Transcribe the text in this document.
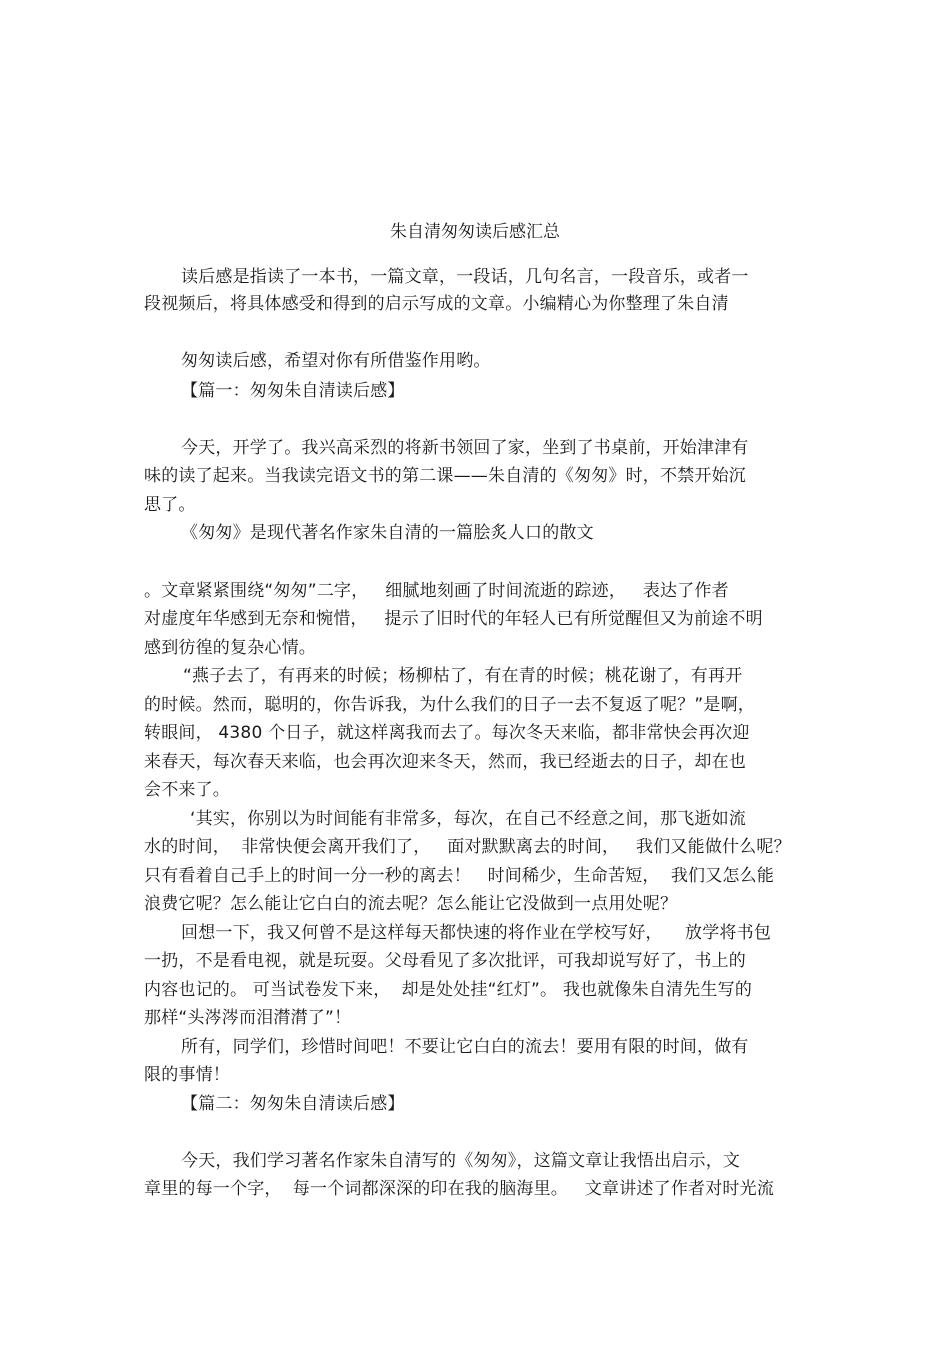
朱自清匆匆读后感汇总
读后感是指读了一本书，一篇文章，一段话，几句名言，一段音乐，或者一
段视频后，将具体感受和得到的启示写成的文章。小编精心为你整理了朱自清
匆匆读后感，希望对你有所借鉴作用哟。
【篇一：匆匆朱自清读后感】
今天，开学了。我兴高采烈的将新书领回了家，坐到了书桌前，开始津津有
味的读了起来。当我读完语文书的第二课——朱自清的《匆匆》时，不禁开始沉
思了。
《匆匆》是现代著名作家朱自清的一篇脍炙人口的散文
。文章紧紧围绕“匆匆”二字，   细腻地刻画了时间流逝的踪迹，   表达了作者
对虚度年华感到无奈和惋惜，   提示了旧时代的年轻人已有所觉醒但又为前途不明
感到彷徨的复杂心情。
“燕子去了，有再来的时候；杨柳枯了，有在青的时候；桃花谢了，有再开
的时候。然而，聪明的，你告诉我，为什么我们的日子一去不复返了呢？”是啊，
转眼间， 4380 个日子，就这样离我而去了。每次冬天来临，都非常快会再次迎
来春天，每次春天来临，也会再次迎来冬天，然而，我已经逝去的日子，却在也
会不来了。
‘其实，你别以为时间能有非常多，每次，在自己不经意之间，那飞逝如流
水的时间，  非常快便会离开我们了，   面对默默离去的时间，   我们又能做什么呢？
只有看着自己手上的时间一分一秒的离去！   时间稀少，生命苦短，  我们又怎么能
浪费它呢？怎么能让它白白的流去呢？怎么能让它没做到一点用处呢？
回想一下，我又何曾不是这样每天都快速的将作业在学校写好，    放学将书包
一扔，不是看电视，就是玩耍。父母看见了多次批评，可我却说写好了，书上的
内容也记的。 可当试卷发下来，  却是处处挂“红灯”。 我也就像朱自清先生写的
那样“头涔涔而泪潸潸了”！
所有，同学们，珍惜时间吧！不要让它白白的流去！要用有限的时间，做有
限的事情！
【篇二：匆匆朱自清读后感】
今天，我们学习著名作家朱自清写的《匆匆》，这篇文章让我悟出启示，文
章里的每一个字，  每一个词都深深的印在我的脑海里。   文章讲述了作者对时光流
